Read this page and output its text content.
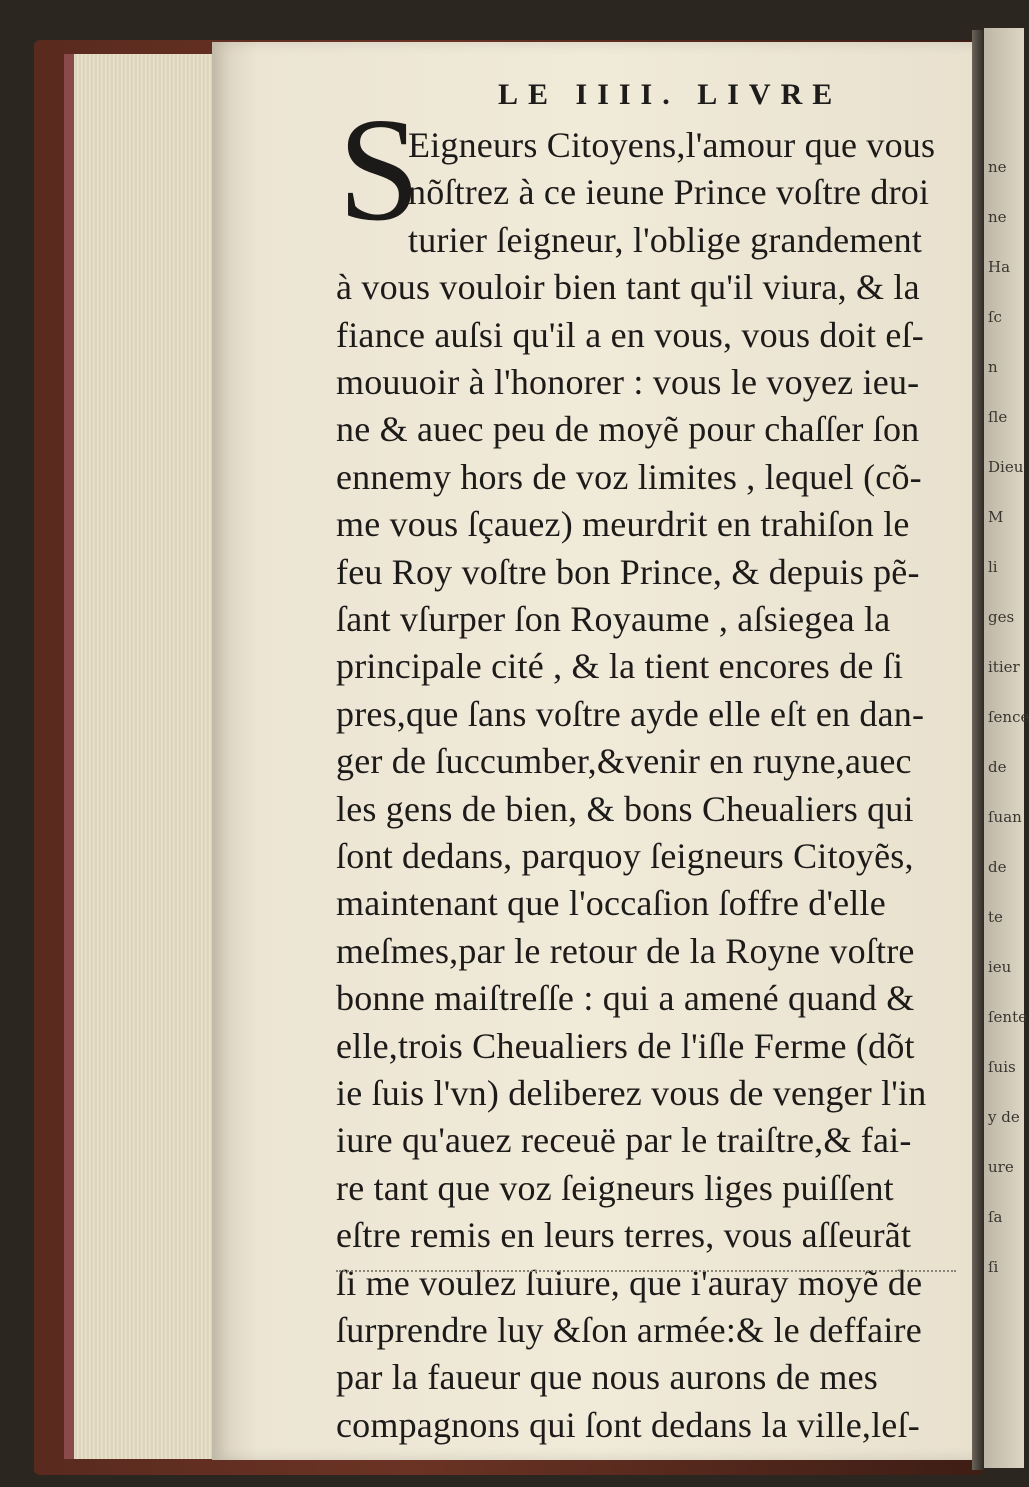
ne
ne
Ha
ſc
n
ſle
Dieu
M
li
ges
itier
ſence
de
ſuan
de
te
ieu
ſente
ſuis
y de
ure
ſa
ſi
LE IIII. LIVRE
S
Eigneurs Citoyens,l'amour que vous
nõſtrez à ce ieune Prince voſtre droi
turier ſeigneur, l'oblige grandement
à vous vouloir bien tant qu'il viura, & la
fiance auſsi qu'il a en vous, vous doit eſ-
mouuoir à l'honorer : vous le voyez ieu-
ne & auec peu de moyẽ pour chaſſer ſon
ennemy hors de voz limites , lequel (cõ-
me vous ſçauez) meurdrit en trahiſon le
feu Roy voſtre bon Prince, & depuis pẽ-
ſant vſurper ſon Royaume , aſsiegea la
principale cité , & la tient encores de ſi
pres,que ſans voſtre ayde elle eſt en dan-
ger de ſuccumber,&venir en ruyne,auec
les gens de bien, & bons Cheualiers qui
ſont dedans, parquoy ſeigneurs Citoyẽs,
maintenant que l'occaſion ſoffre d'elle
meſmes,par le retour de la Royne voſtre
bonne maiſtreſſe : qui a amené quand &
elle,trois Cheualiers de l'iſle Ferme (dõt
ie ſuis l'vn) deliberez vous de venger l'in
iure qu'auez receuë par le traiſtre,& fai-
re tant que voz ſeigneurs liges puiſſent
eſtre remis en leurs terres, vous aſſeurãt
ſi me voulez ſuiure, que i'auray moyẽ de
ſurprendre luy &ſon armée:& le deffaire
par la faueur que nous aurons de mes
compagnons qui ſont dedans la ville,leſ-
